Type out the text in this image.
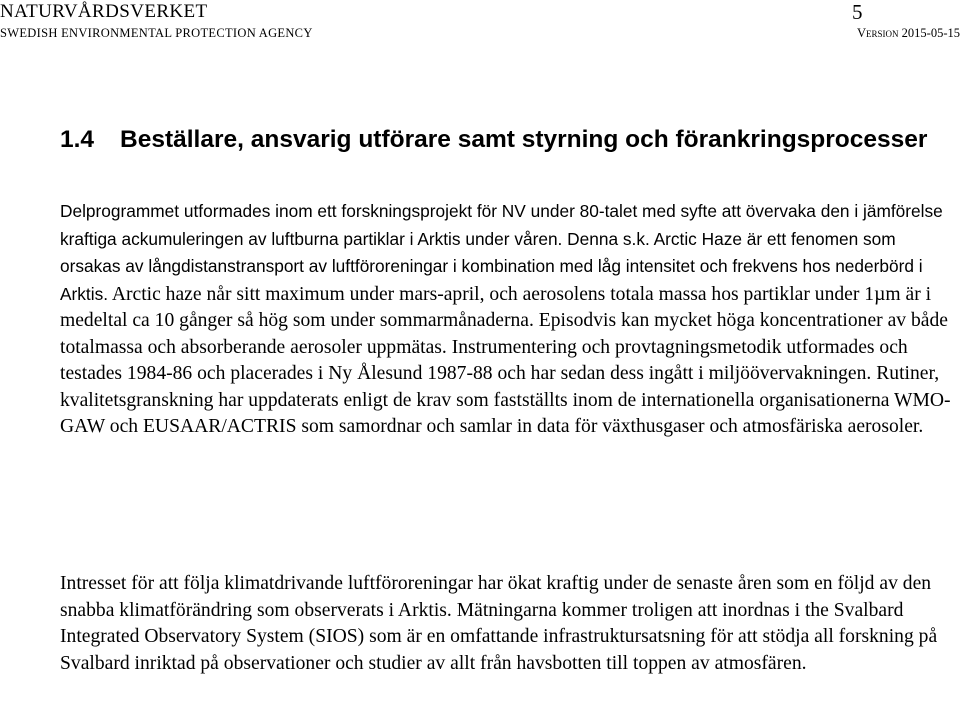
NATURVÅRDSVERKET
SWEDISH ENVIRONMENTAL PROTECTION AGENCY
5
Version 2015-05-15
1.4 Beställare, ansvarig utförare samt styrning och förankringsprocesser

Delprogrammet utformades inom ett forskningsprojekt för NV under 80-talet med syfte att övervaka den i jämförelse kraftiga ackumuleringen av luftburna partiklar i Arktis under våren. Denna s.k. Arctic Haze är ett fenomen som orsakas av långdistanstransport av luftföroreningar i kombination med låg intensitet och frekvens hos nederbörd i Arktis. Arctic haze når sitt maximum under mars-april, och aerosolens totala massa hos partiklar under 1µm är i medeltal ca 10 gånger så hög som under sommarmånaderna. Episodvis kan mycket höga koncentrationer av både totalmassa och absorberande aerosoler uppmätas. Instrumentering och provtagningsmetodik utformades och testades 1984-86 och placerades i Ny Ålesund 1987-88 och har sedan dess ingått i miljöövervakningen. Rutiner, kvalitetsgranskning har uppdaterats enligt de krav som fastställts inom de internationella organisationerna WMO-GAW och EUSAAR/ACTRIS som samordnar och samlar in data för växthusgaser och atmosfäriska aerosoler.

Intresset för att följa klimatdrivande luftföroreningar har ökat kraftig under de senaste åren som en följd av den snabba klimatförändring som observerats i Arktis. Mätningarna kommer troligen att inordnas i the Svalbard Integrated Observatory System (SIOS) som är en omfattande infrastruktursatsning för att stödja all forskning på Svalbard inriktad på observationer och studier av allt från havsbotten till toppen av atmosfären.
